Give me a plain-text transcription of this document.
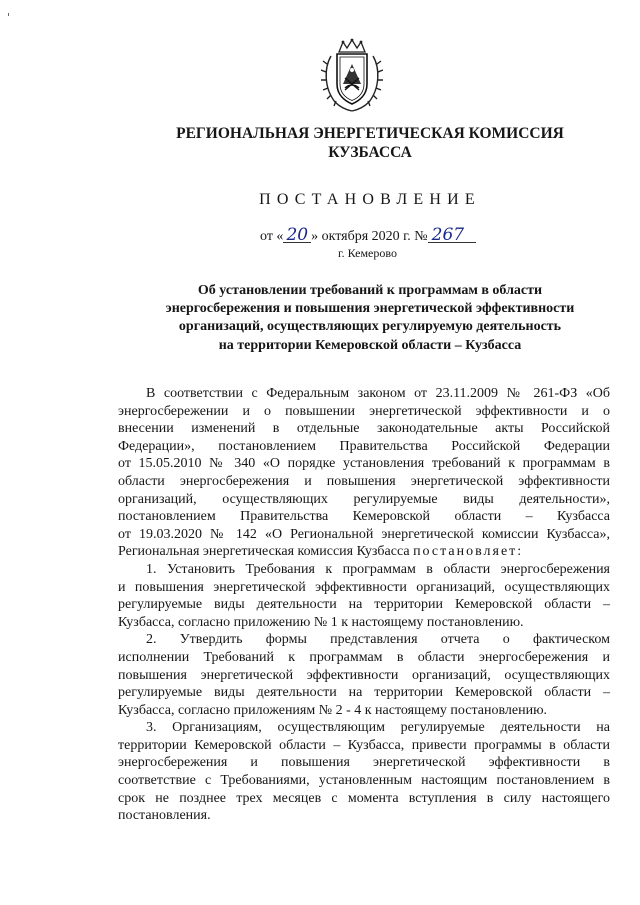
РЕГИОНАЛЬНАЯ ЭНЕРГЕТИЧЕСКАЯ КОМИССИЯ
КУЗБАССА
ПОСТАНОВЛЕНИЕ
от « 20 » октября 2020 г. № 267
г. Кемерово
Об установлении требований к программам в области
энергосбережения и повышения энергетической эффективности
организаций, осуществляющих регулируемую деятельность
на территории Кемеровской области – Кузбасса
В соответствии с Федеральным законом от 23.11.2009 № 261-ФЗ «Об
энергосбережении и о повышении энергетической эффективности и о
внесении изменений в отдельные законодательные акты Российской
Федерации», постановлением Правительства Российской Федерации
от 15.05.2010 № 340 «О порядке установления требований к программам в
области энергосбережения и повышения энергетической эффективности
организаций, осуществляющих регулируемые виды деятельности»,
постановлением Правительства Кемеровской области – Кузбасса
от 19.03.2020 № 142 «О Региональной энергетической комиссии Кузбасса»,
Региональная энергетическая комиссия Кузбасса постановляет:
1. Установить Требования к программам в области энергосбережения
и повышения энергетической эффективности организаций, осуществляющих
регулируемые виды деятельности на территории Кемеровской области –
Кузбасса, согласно приложению № 1 к настоящему постановлению.
2. Утвердить формы представления отчета о фактическом
исполнении Требований к программам в области энергосбережения и
повышения энергетической эффективности организаций, осуществляющих
регулируемые виды деятельности на территории Кемеровской области –
Кузбасса, согласно приложениям № 2 - 4 к настоящему постановлению.
3. Организациям, осуществляющим регулируемые деятельности на
территории Кемеровской области – Кузбасса, привести программы в области
энергосбережения и повышения энергетической эффективности в
соответствие с Требованиями, установленным настоящим постановлением в
срок не позднее трех месяцев с момента вступления в силу настоящего
постановления.
